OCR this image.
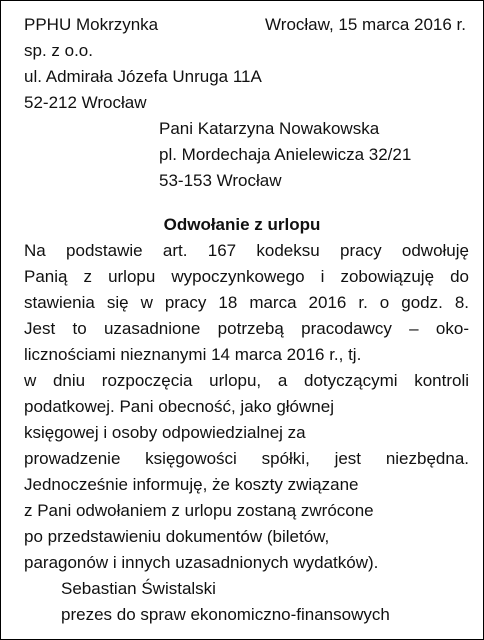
PPHU Mokrzynka	Wrocław, 15 marca 2016 r.
sp. z o.o.
ul. Admirała Józefa Unruga 11A
52-212 Wrocław
Pani Katarzyna Nowakowska
pl. Mordechaja Anielewicza 32/21
53-153 Wrocław
Odwołanie z urlopu
Na podstawie art. 167 kodeksu pracy odwołuję
Panią z urlopu wypoczynkowego i zobowiązuję do
stawienia się w pracy 18 marca 2016 r. o godz. 8.
Jest to uzasadnione potrzebą pracodawcy – oko-
licznościami nieznanymi 14 marca 2016 r., tj.
w dniu rozpoczęcia urlopu, a dotyczącymi kontroli
podatkowej. Pani obecność, jako głównej
księgowej i osoby odpowiedzialnej za
prowadzenie księgowości spółki, jest niezbędna.
Jednocześnie informuję, że koszty związane
z Pani odwołaniem z urlopu zostaną zwrócone
po przedstawieniu dokumentów (biletów,
paragonów i innych uzasadnionych wydatków).
Sebastian Świstalski
prezes do spraw ekonomiczno-finansowych
